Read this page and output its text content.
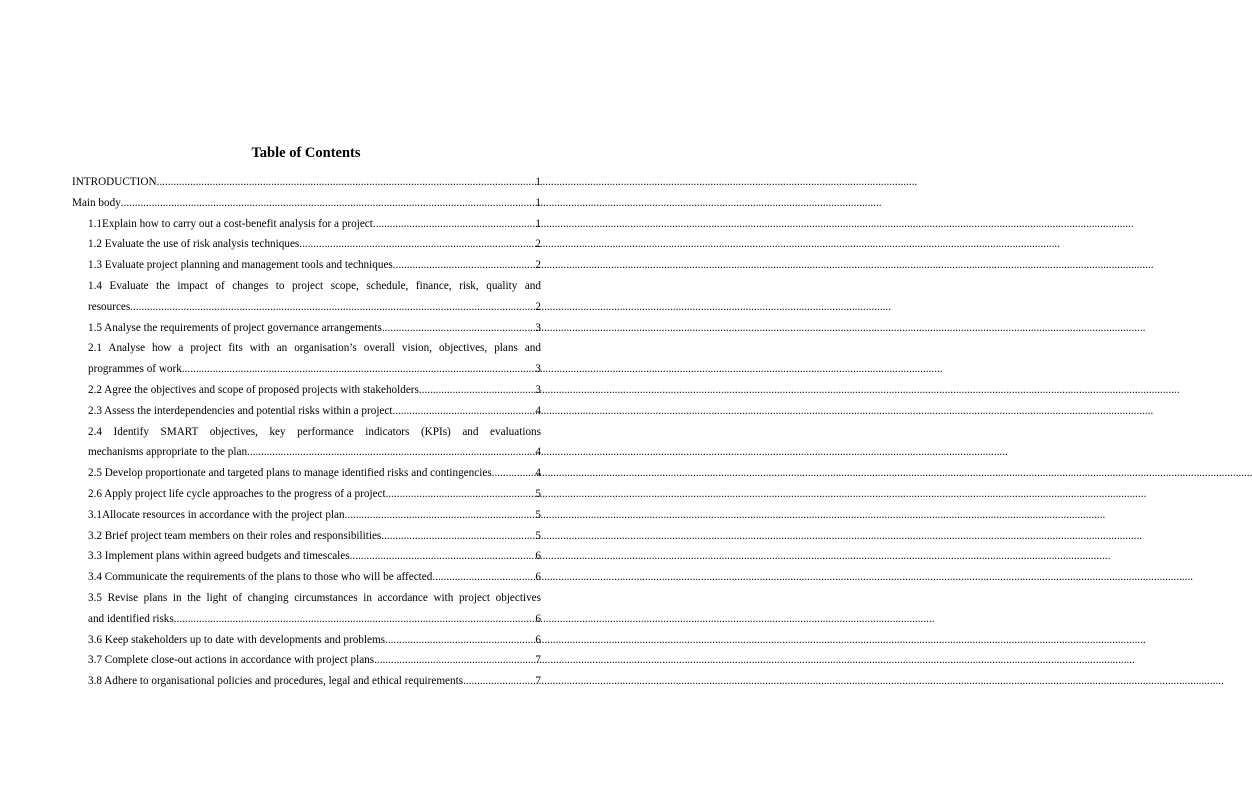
Table of Contents
INTRODUCTION .....	1
Main body .....	1
1.1Explain how to carry out a cost-benefit analysis for a project .....	1
1.2 Evaluate the use of risk analysis techniques .....	2
1.3 Evaluate project planning and management tools and techniques .....	2
1.4 Evaluate the impact of changes to project scope, schedule, finance, risk, quality and
resources .....	2
1.5 Analyse the requirements of project governance arrangements. .....	3
2.1 Analyse how a project fits with an organisation’s overall vision, objectives, plans and
programmes of work .....	3
2.2 Agree the objectives and scope of proposed projects with stakeholders .....	3
2.3 Assess the interdependencies and potential risks within a project .....	4
2.4 Identify SMART objectives, key performance indicators (KPIs) and evaluations
mechanisms appropriate to the plan .....	4
2.5 Develop proportionate and targeted plans to manage identified risks and contingencies .....	4
2.6 Apply project life cycle approaches to the progress of a project .....	5
3.1Allocate resources in accordance with the project plan .....	5
3.2 Brief project team members on their roles and responsibilities .....	5
3.3 Implement plans within agreed budgets and timescales .....	6
3.4 Communicate the requirements of the plans to those who will be affected .....	6
3.5 Revise plans in the light of changing circumstances in accordance with project objectives
and identified risks .....	6
3.6 Keep stakeholders up to date with developments and problems .....	6
3.7 Complete close-out actions in accordance with project plans .....	7
3.8 Adhere to organisational policies and procedures, legal and ethical requirements .....	7
